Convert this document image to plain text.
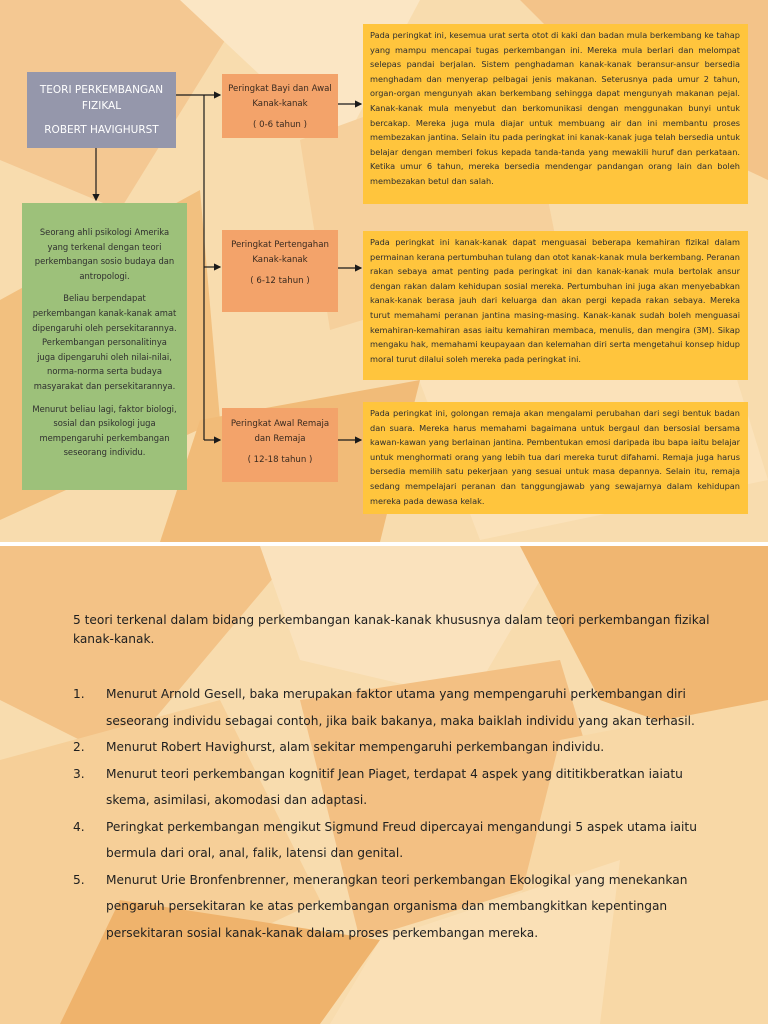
TEORI PERKEMBANGAN
FIZIKAL
ROBERT HAVIGHURST

Seorang ahli psikologi Amerika yang terkenal dengan teori perkembangan sosio budaya dan antropologi.

Beliau berpendapat perkembangan kanak-kanak amat dipengaruhi oleh persekitarannya. Perkembangan personalitinya juga dipengaruhi oleh nilai-nilai, norma-norma serta budaya masyarakat dan persekitarannya.

Menurut beliau lagi, faktor biologi, sosial dan psikologi juga mempengaruhi perkembangan seseorang individu.

Peringkat Bayi dan Awal Kanak-kanak
( 0-6 tahun )
Peringkat Pertengahan Kanak-kanak
( 6-12 tahun )
Peringkat Awal Remaja dan Remaja
( 12-18 tahun )
Pada peringkat ini, kesemua urat serta otot di kaki dan badan mula berkembang ke tahap yang mampu mencapai tugas perkembangan ini. Mereka mula berlari dan melompat selepas pandai berjalan. Sistem penghadaman kanak-kanak beransur-ansur bersedia menghadam dan menyerap pelbagai jenis makanan. Seterusnya pada umur 2 tahun, organ-organ mengunyah akan berkembang sehingga dapat mengunyah makanan pejal. Kanak-kanak mula menyebut dan berkomunikasi dengan menggunakan bunyi untuk bercakap. Mereka juga mula diajar untuk membuang air dan ini membantu proses membezakan jantina. Selain itu pada peringkat ini kanak-kanak juga telah bersedia untuk belajar dengan memberi fokus kepada tanda-tanda yang mewakili huruf dan perkataan. Ketika umur 6 tahun, mereka bersedia mendengar pandangan orang lain dan boleh membezakan betul dan salah.
Pada peringkat ini kanak-kanak dapat menguasai beberapa kemahiran fizikal dalam permainan kerana pertumbuhan tulang dan otot kanak-kanak mula berkembang. Peranan rakan sebaya amat penting pada peringkat ini dan kanak-kanak mula bertolak ansur dengan rakan dalam kehidupan sosial mereka. Pertumbuhan ini juga akan menyebabkan kanak-kanak berasa jauh dari keluarga dan akan pergi kepada rakan sebaya. Mereka turut memahami peranan jantina masing-masing. Kanak-kanak sudah boleh menguasai kemahiran-kemahiran asas iaitu kemahiran membaca, menulis, dan mengira (3M). Sikap mengaku hak, memahami keupayaan dan kelemahan diri serta mengetahui konsep hidup moral turut dilalui soleh mereka pada peringkat ini.
Pada peringkat ini, golongan remaja akan mengalami perubahan dari segi bentuk badan dan suara. Mereka harus memahami bagaimana untuk bergaul dan bersosial bersama kawan-kawan yang berlainan jantina. Pembentukan emosi daripada ibu bapa iaitu belajar untuk menghormati orang yang lebih tua dari mereka turut difahami. Remaja juga harus bersedia memilih satu pekerjaan yang sesuai untuk masa depannya. Selain itu, remaja sedang mempelajari peranan dan tanggungjawab yang sewajarnya dalam kehidupan mereka pada dewasa kelak.
5 teori terkenal dalam bidang perkembangan kanak-kanak khususnya dalam teori perkembangan fizikal kanak-kanak.
1. Menurut Arnold Gesell, baka merupakan faktor utama yang mempengaruhi perkembangan diri seseorang individu sebagai contoh, jika baik bakanya, maka baiklah individu yang akan terhasil.
2. Menurut Robert Havighurst, alam sekitar mempengaruhi perkembangan individu.
3. Menurut teori perkembangan kognitif Jean Piaget, terdapat 4 aspek yang dititikberatkan iaiatu skema, asimilasi, akomodasi dan adaptasi.
4. Peringkat perkembangan mengikut Sigmund Freud dipercayai mengandungi 5 aspek utama iaitu bermula dari oral, anal, falik, latensi dan genital.
5. Menurut Urie Bronfenbrenner, menerangkan teori perkembangan Ekologikal yang menekankan pengaruh persekitaran ke atas perkembangan organisma dan membangkitkan kepentingan persekitaran sosial kanak-kanak dalam proses perkembangan mereka.
